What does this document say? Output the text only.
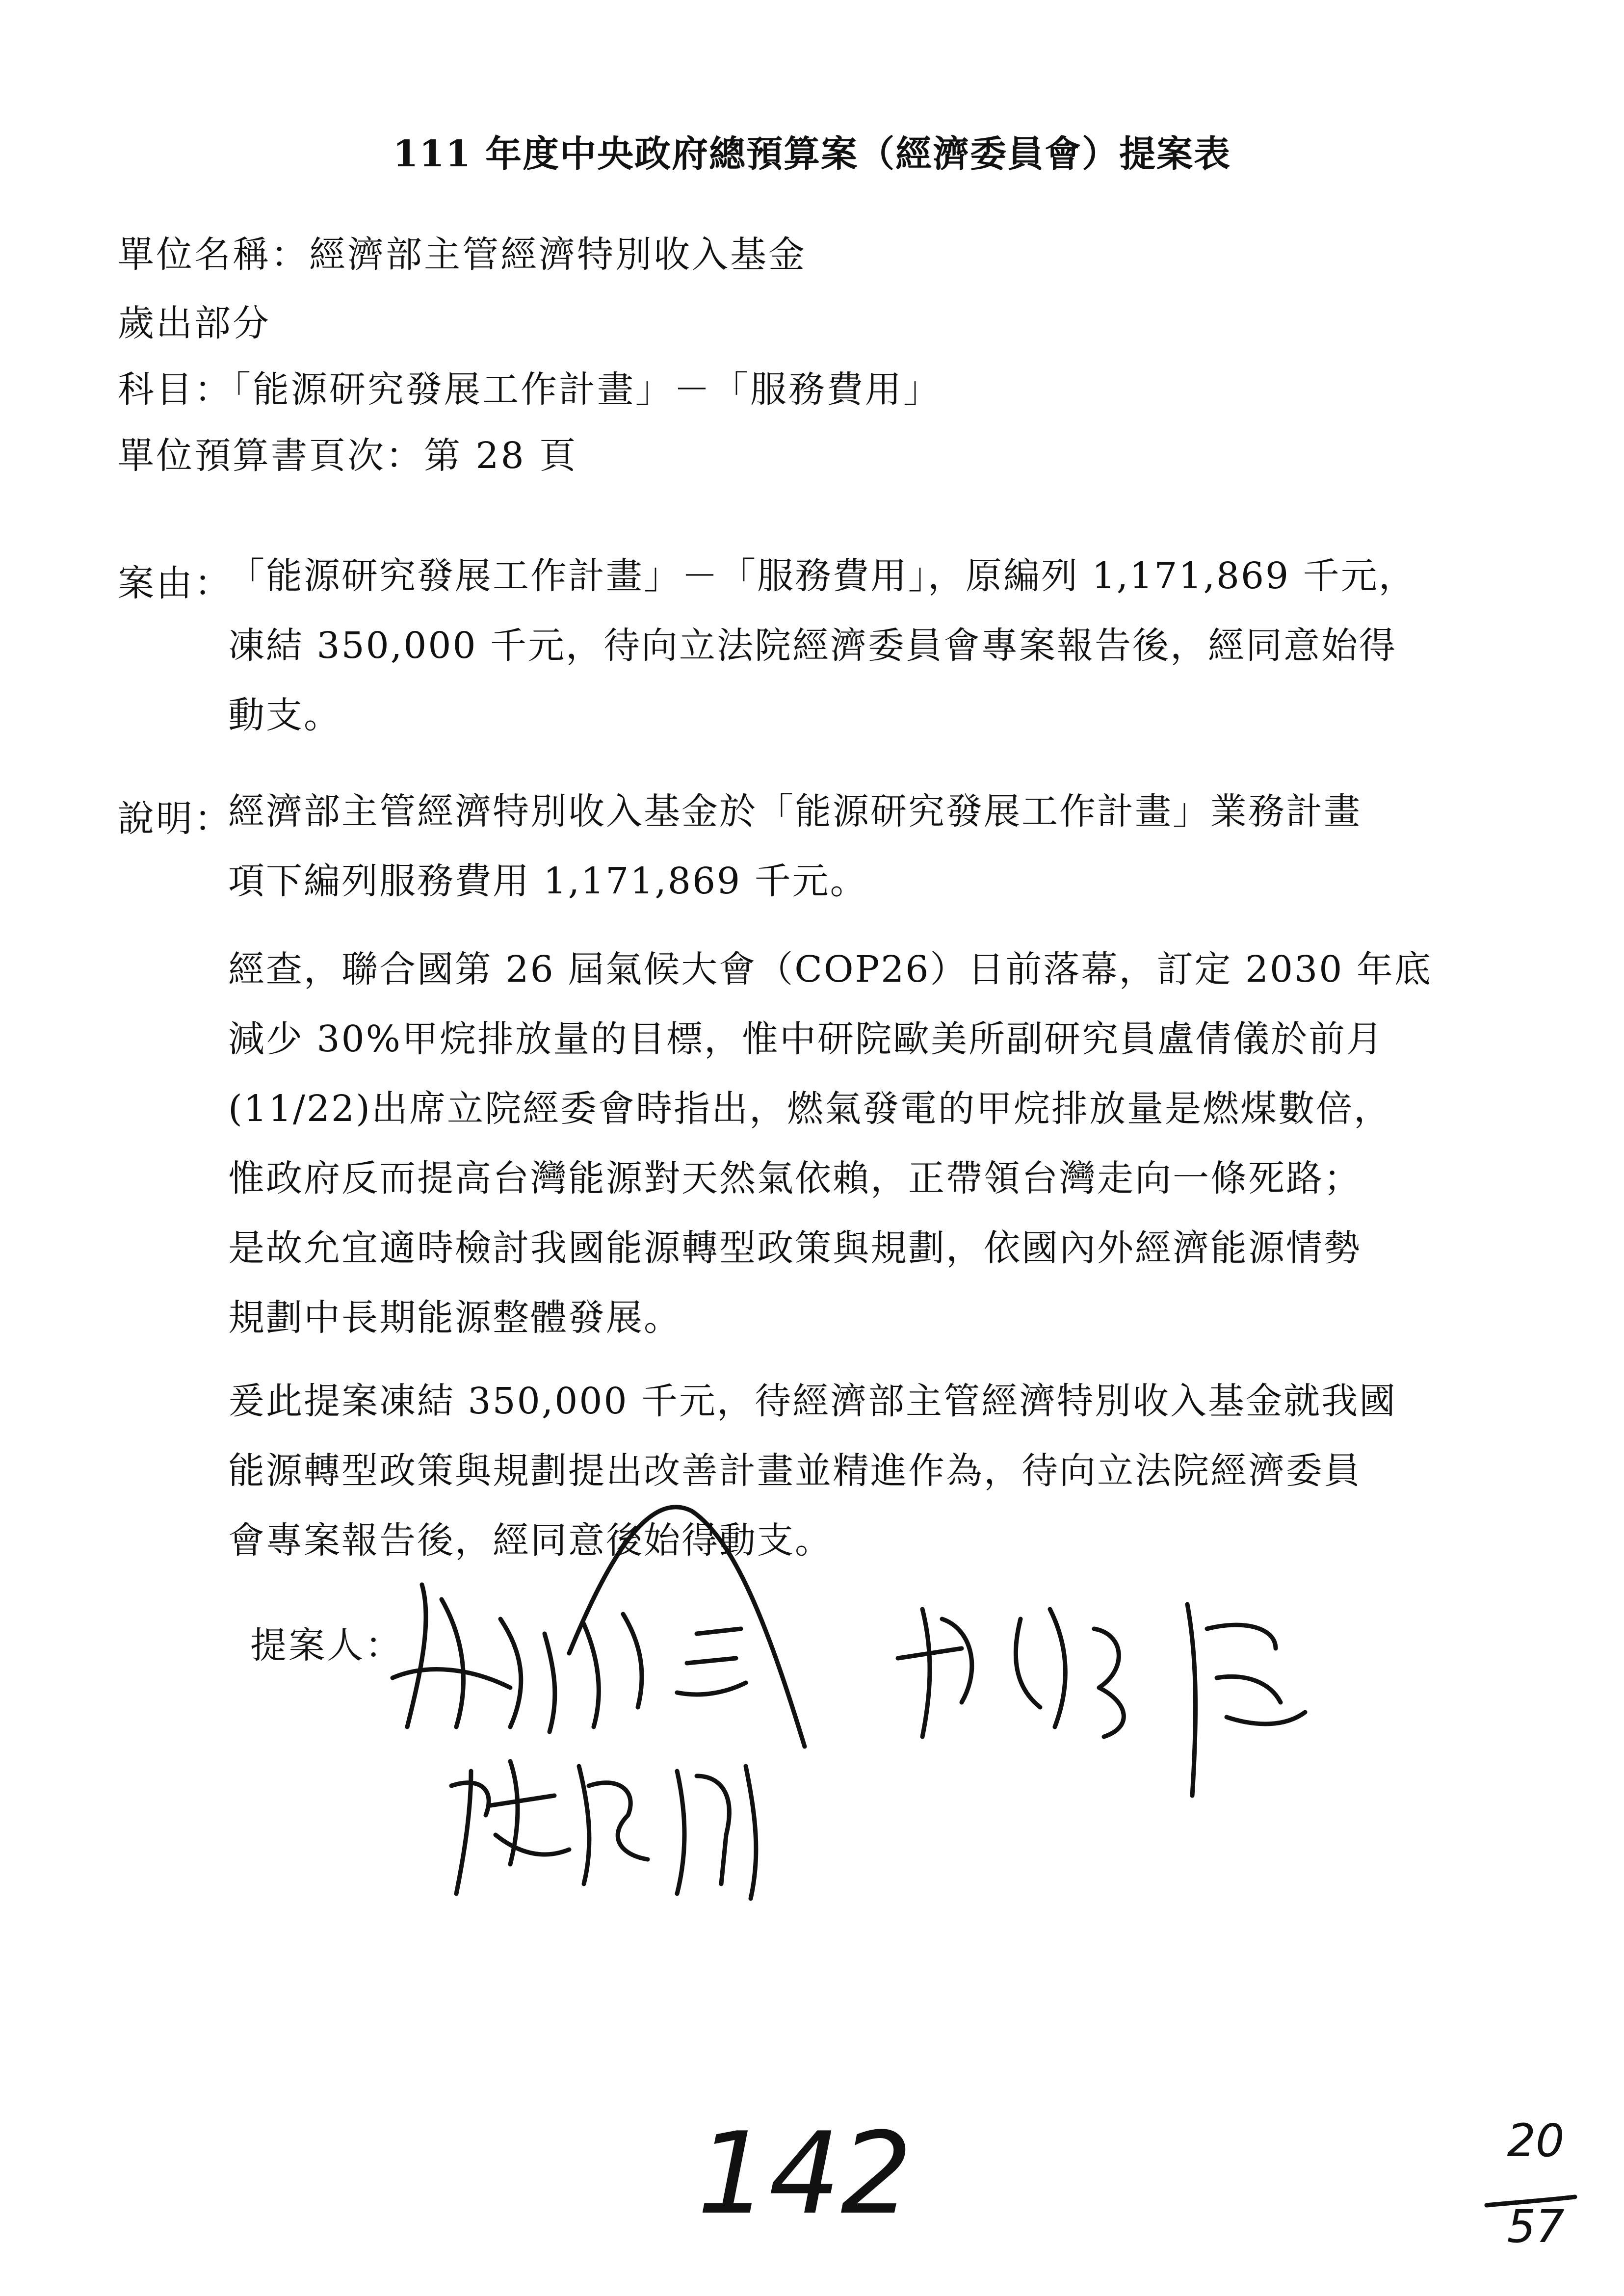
111 年度中央政府總預算案（經濟委員會）提案表
單位名稱：經濟部主管經濟特別收入基金
歲出部分
科目：「能源研究發展工作計畫」－「服務費用」
單位預算書頁次：第 28 頁
案由：
「能源研究發展工作計畫」－「服務費用」，原編列 1,171,869 千元，
凍結 350,000 千元，待向立法院經濟委員會專案報告後，經同意始得
動支。
說明：
經濟部主管經濟特別收入基金於「能源研究發展工作計畫」業務計畫
項下編列服務費用 1,171,869 千元。
經查，聯合國第 26 屆氣候大會（COP26）日前落幕，訂定 2030 年底
減少 30%甲烷排放量的目標，惟中研院歐美所副研究員盧倩儀於前月
(11/22)出席立院經委會時指出，燃氣發電的甲烷排放量是燃煤數倍，
惟政府反而提高台灣能源對天然氣依賴，正帶領台灣走向一條死路；
是故允宜適時檢討我國能源轉型政策與規劃，依國內外經濟能源情勢
規劃中長期能源整體發展。
爰此提案凍結 350,000 千元，待經濟部主管經濟特別收入基金就我國
能源轉型政策與規劃提出改善計畫並精進作為，待向立法院經濟委員
會專案報告後，經同意後始得動支。
提案人：
142	20
57
